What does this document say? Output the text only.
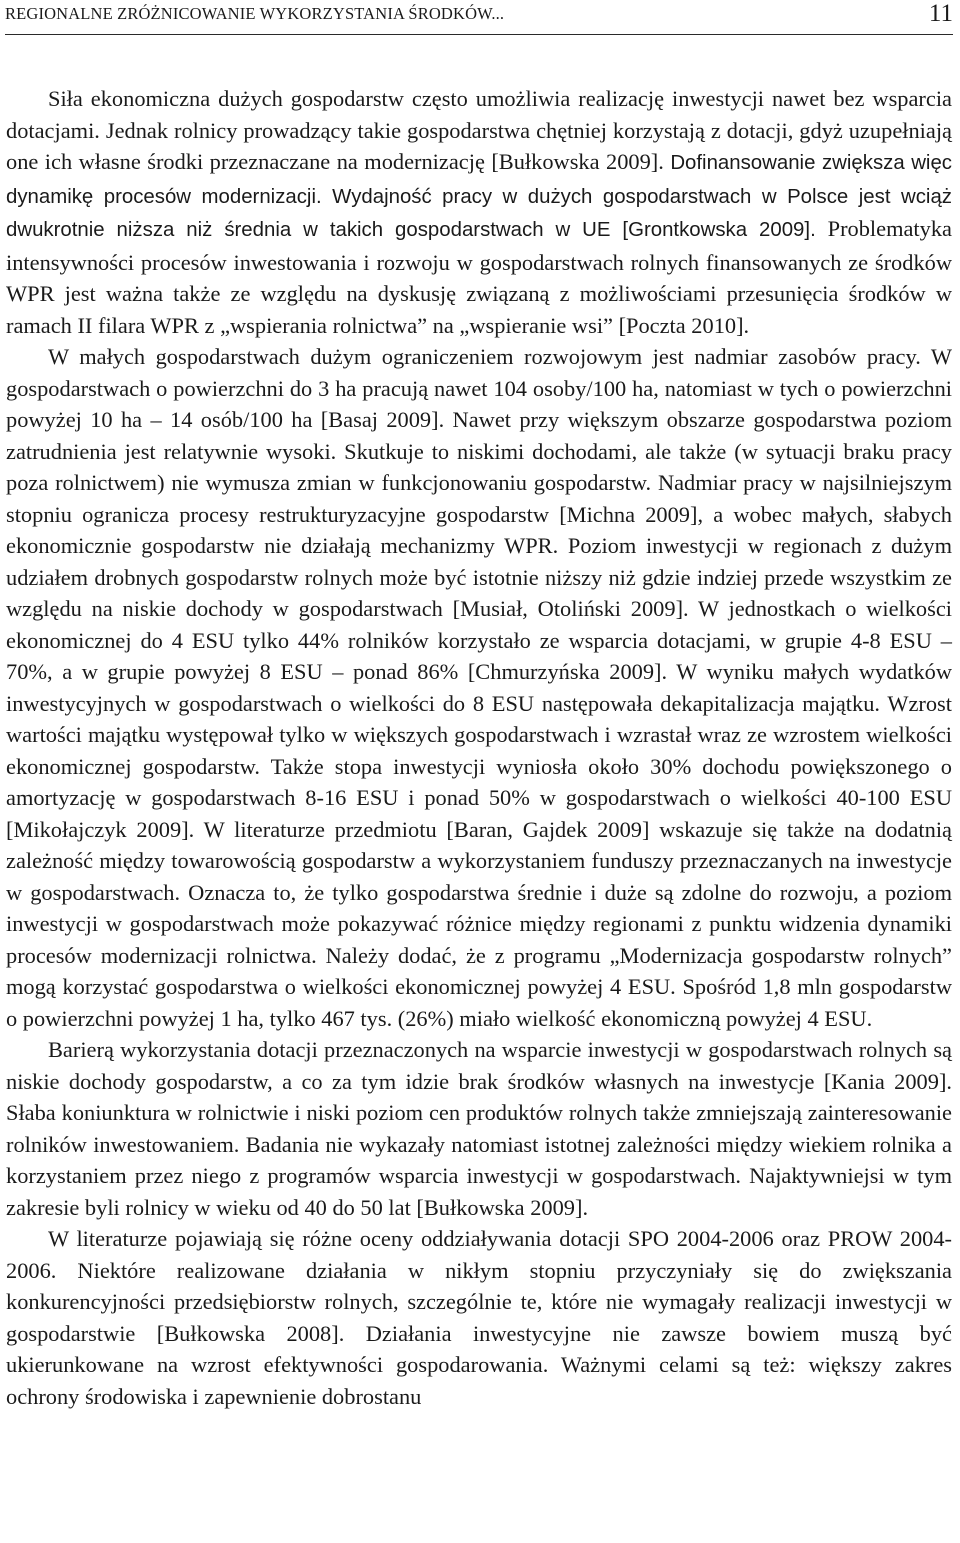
REGIONALNE ZRÓŻNICOWANIE WYKORZYSTANIA ŚRODKÓW...	11

Siła ekonomiczna dużych gospodarstw często umożliwia realizację inwestycji nawet bez wsparcia dotacjami. Jednak rolnicy prowadzący takie gospodarstwa chętniej korzystają z dotacji, gdyż uzupełniają one ich własne środki przeznaczane na modernizację [Bułkowska 2009]. Dofinansowanie zwiększa więc dynamikę procesów modernizacji. Wydajność pracy w dużych gospodarstwach w Polsce jest wciąż dwukrotnie niższa niż średnia w takich gospodarstwach w UE [Grontkowska 2009]. Problematyka intensywności procesów inwestowania i rozwoju w gospodarstwach rolnych finansowanych ze środków WPR jest ważna także ze względu na dyskusję związaną z możliwościami przesunięcia środków w ramach II filara WPR z „wspierania rolnictwa” na „wspieranie wsi” [Poczta 2010].

W małych gospodarstwach dużym ograniczeniem rozwojowym jest nadmiar zasobów pracy. W gospodarstwach o powierzchni do 3 ha pracują nawet 104 osoby/100 ha, natomiast w tych o powierzchni powyżej 10 ha – 14 osób/100 ha [Basaj 2009]. Nawet przy większym obszarze gospodarstwa poziom zatrudnienia jest relatywnie wysoki. Skutkuje to niskimi dochodami, ale także (w sytuacji braku pracy poza rolnictwem) nie wymusza zmian w funkcjonowaniu gospodarstw. Nadmiar pracy w najsilniejszym stopniu ogranicza procesy restrukturyzacyjne gospodarstw [Michna 2009], a wobec małych, słabych ekonomicznie gospodarstw nie działają mechanizmy WPR. Poziom inwestycji w regionach z dużym udziałem drobnych gospodarstw rolnych może być istotnie niższy niż gdzie indziej przede wszystkim ze względu na niskie dochody w gospodarstwach [Musiał, Otoliński 2009]. W jednostkach o wielkości ekonomicznej do 4 ESU tylko 44% rolników korzystało ze wsparcia dotacjami, w grupie 4-8 ESU – 70%, a w grupie powyżej 8 ESU – ponad 86% [Chmurzyńska 2009]. W wyniku małych wydatków inwestycyjnych w gospodarstwach o wielkości do 8 ESU następowała dekapitalizacja majątku. Wzrost wartości majątku występował tylko w większych gospodarstwach i wzrastał wraz ze wzrostem wielkości ekonomicznej gospodarstw. Także stopa inwestycji wyniosła około 30% dochodu powiększonego o amortyzację w gospodarstwach 8-16 ESU i ponad 50% w gospodarstwach o wielkości 40-100 ESU [Mikołajczyk 2009]. W literaturze przedmiotu [Baran, Gajdek 2009] wskazuje się także na dodatnią zależność między towarowością gospodarstw a wykorzystaniem funduszy przeznaczanych na inwestycje w gospodarstwach. Oznacza to, że tylko gospodarstwa średnie i duże są zdolne do rozwoju, a poziom inwestycji w gospodarstwach może pokazywać różnice między regionami z punktu widzenia dynamiki procesów modernizacji rolnictwa. Należy dodać, że z programu „Modernizacja gospodarstw rolnych” mogą korzystać gospodarstwa o wielkości ekonomicznej powyżej 4 ESU. Spośród 1,8 mln gospodarstw o powierzchni powyżej 1 ha, tylko 467 tys. (26%) miało wielkość ekonomiczną powyżej 4 ESU.

Barierą wykorzystania dotacji przeznaczonych na wsparcie inwestycji w gospodarstwach rolnych są niskie dochody gospodarstw, a co za tym idzie brak środków własnych na inwestycje [Kania 2009]. Słaba koniunktura w rolnictwie i niski poziom cen produktów rolnych także zmniejszają zainteresowanie rolników inwestowaniem. Badania nie wykazały natomiast istotnej zależności między wiekiem rolnika a korzystaniem przez niego z programów wsparcia inwestycji w gospodarstwach. Najaktywniejsi w tym zakresie byli rolnicy w wieku od 40 do 50 lat [Bułkowska 2009].

W literaturze pojawiają się różne oceny oddziaływania dotacji SPO 2004-2006 oraz PROW 2004-2006. Niektóre realizowane działania w nikłym stopniu przyczyniały się do zwiększania konkurencyjności przedsiębiorstw rolnych, szczególnie te, które nie wymagały realizacji inwestycji w gospodarstwie [Bułkowska 2008]. Działania inwestycyjne nie zawsze bowiem muszą być ukierunkowane na wzrost efektywności gospodarowania. Ważnymi celami są też: większy zakres ochrony środowiska i zapewnienie dobrostanu
